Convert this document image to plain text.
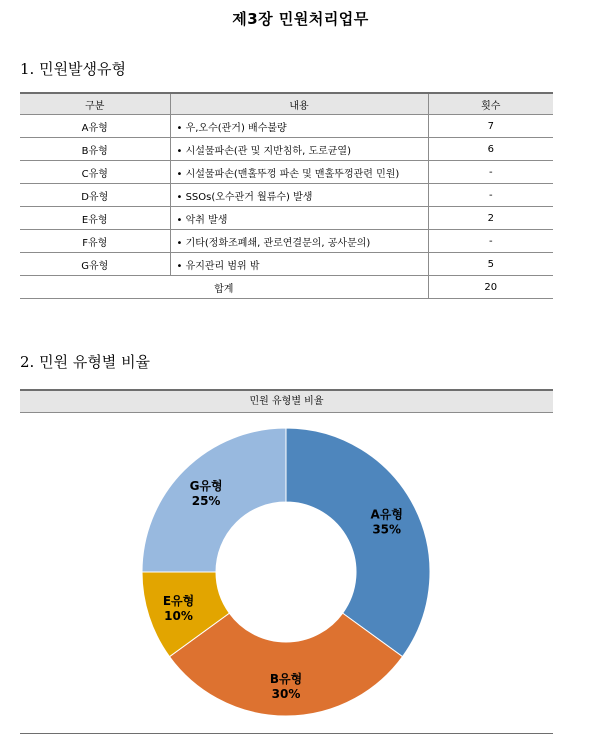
제3장 민원처리업무
1. 민원발생유형
구분	내용	횟수
A유형	• 우,오수(관거) 배수불량	7
B유형	• 시설물파손(관 및 지반침하, 도로균열)	6
C유형	• 시설물파손(맨홀뚜껑 파손 및 맨홀뚜껑관련 민원)	-
D유형	• SSOs(오수관거 월류수) 발생	-
E유형	• 악취 발생	2
F유형	• 기타(정화조폐쇄, 관로연결문의, 공사문의)	-
G유형	• 유지관리 범위 밖	5
합계		20
2. 민원 유형별 비율
민원 유형별 비율
A유형
35%
B유형
30%
E유형
10%
G유형
25%
